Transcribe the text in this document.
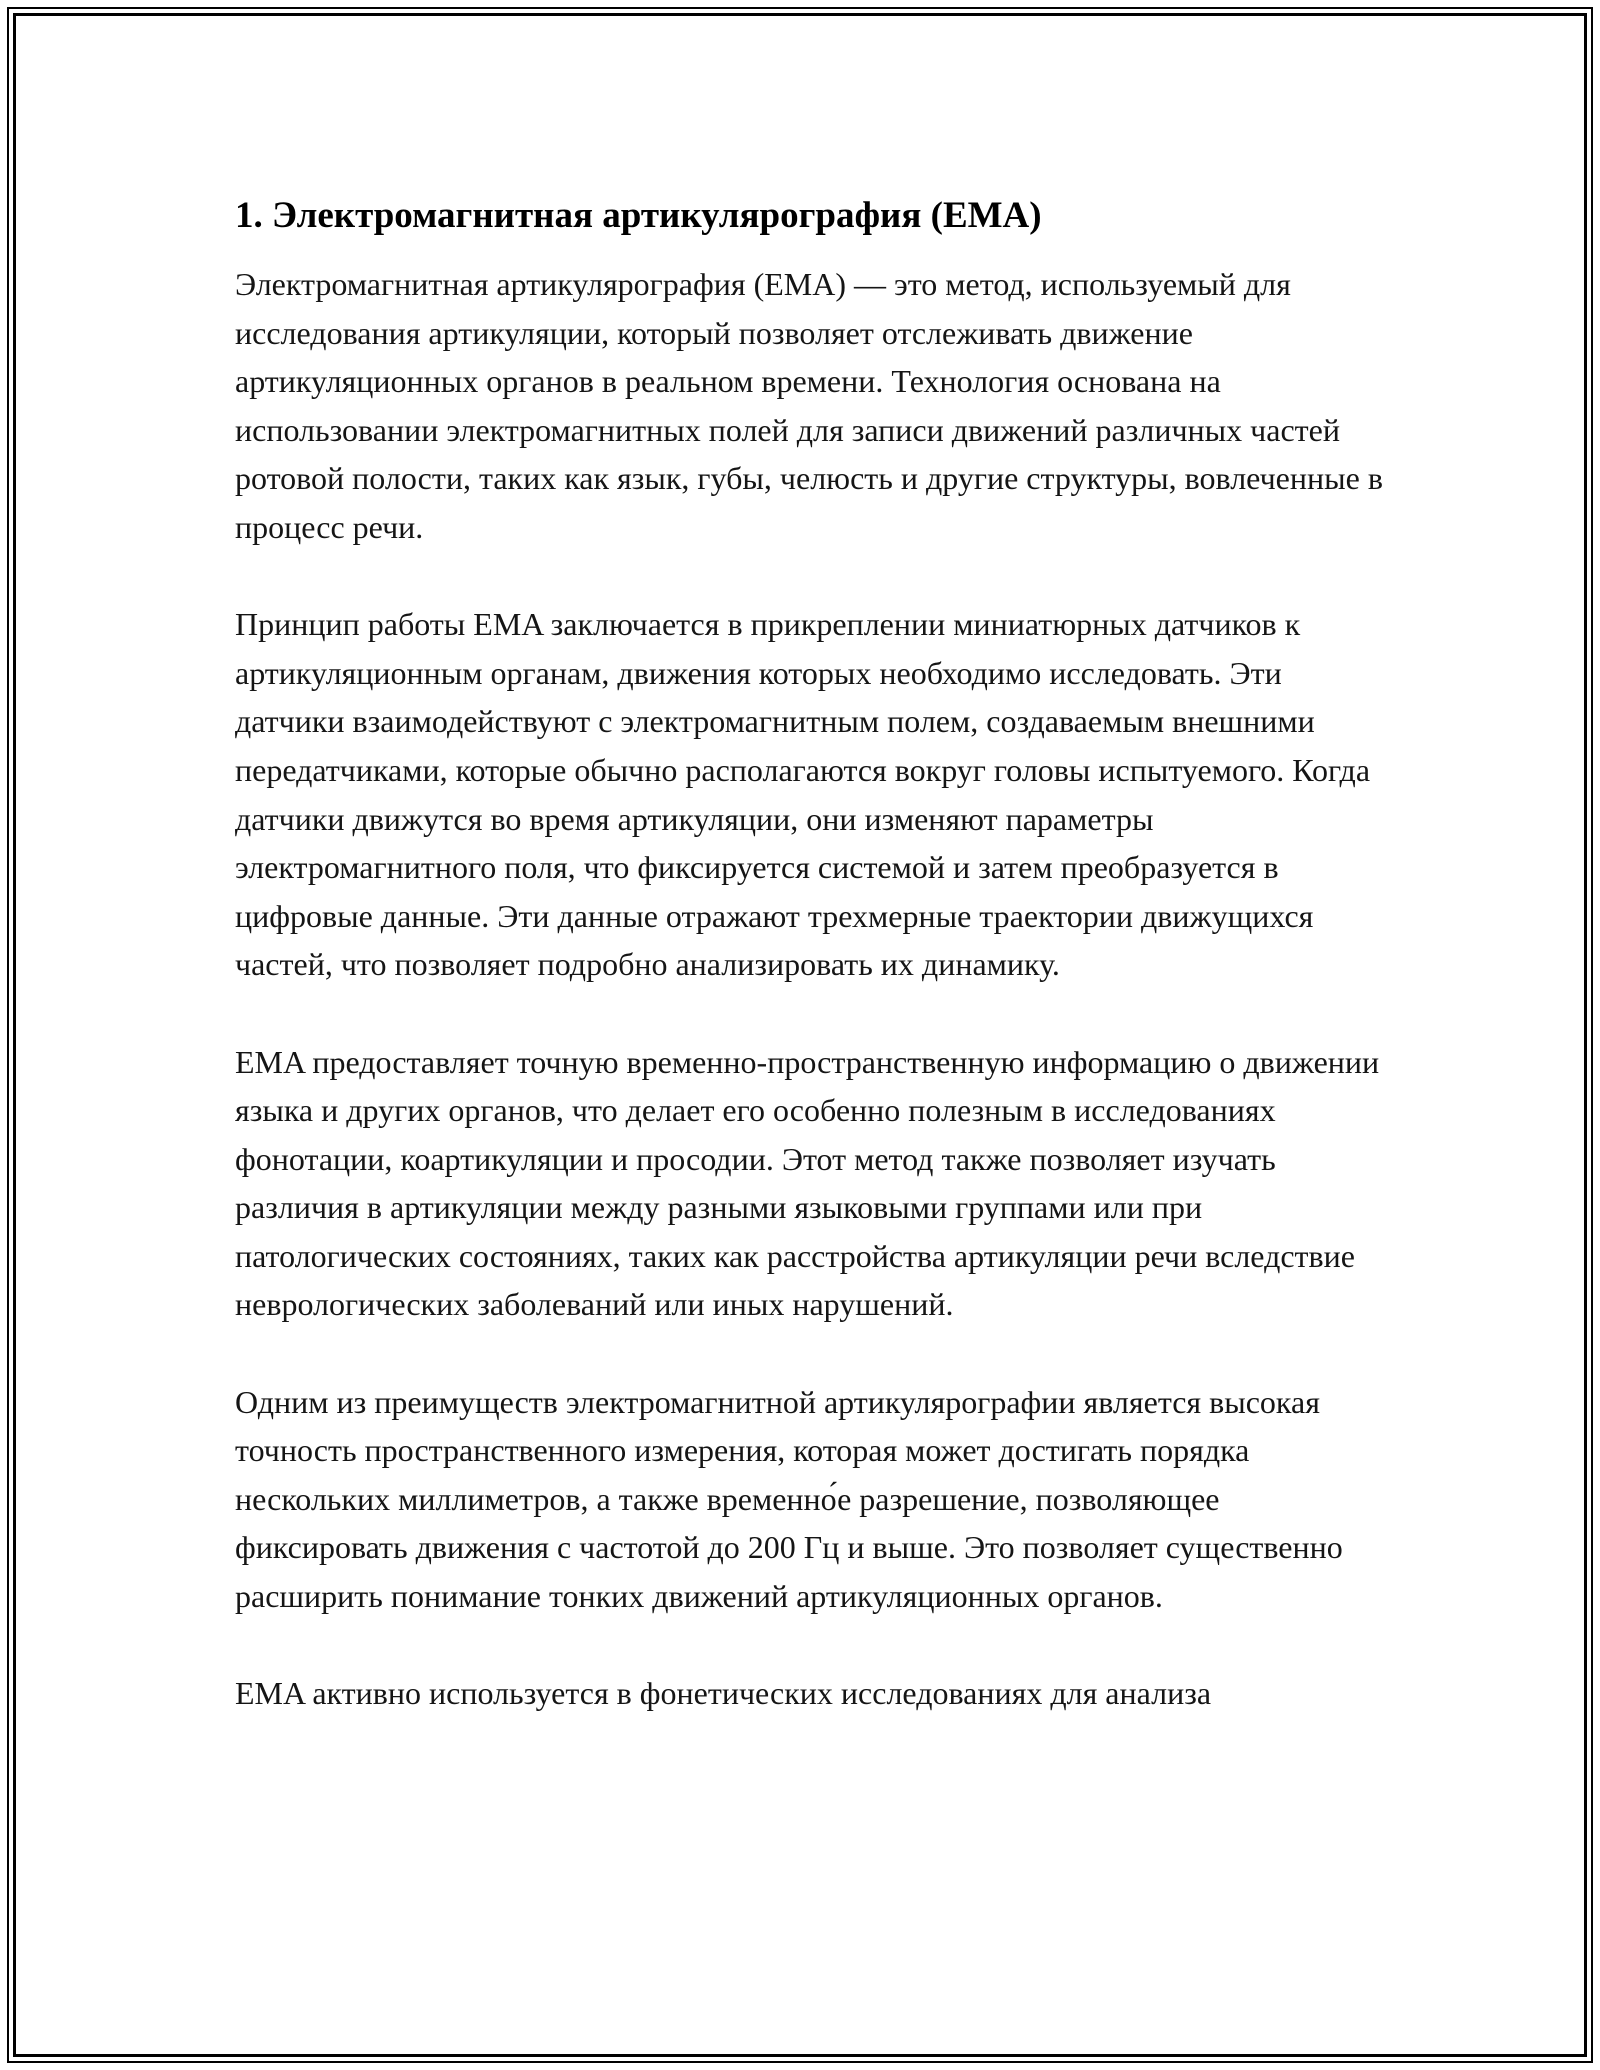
1. Электромагнитная артикулярография (EMA)

Электромагнитная артикулярография (EMA) — это метод, используемый для исследования артикуляции, который позволяет отслеживать движение артикуляционных органов в реальном времени. Технология основана на использовании электромагнитных полей для записи движений различных частей ротовой полости, таких как язык, губы, челюсть и другие структуры, вовлеченные в процесс речи.

Принцип работы EMA заключается в прикреплении миниатюрных датчиков к артикуляционным органам, движения которых необходимо исследовать. Эти датчики взаимодействуют с электромагнитным полем, создаваемым внешними передатчиками, которые обычно располагаются вокруг головы испытуемого. Когда датчики движутся во время артикуляции, они изменяют параметры электромагнитного поля, что фиксируется системой и затем преобразуется в цифровые данные. Эти данные отражают трехмерные траектории движущихся частей, что позволяет подробно анализировать их динамику.

EMA предоставляет точную временно-пространственную информацию о движении языка и других органов, что делает его особенно полезным в исследованиях фонотации, коартикуляции и просодии. Этот метод также позволяет изучать различия в артикуляции между разными языковыми группами или при патологических состояниях, таких как расстройства артикуляции речи вследствие неврологических заболеваний или иных нарушений.

Одним из преимуществ электромагнитной артикулярографии является высокая точность пространственного измерения, которая может достигать порядка нескольких миллиметров, а также временно́е разрешение, позволяющее фиксировать движения с частотой до 200 Гц и выше. Это позволяет существенно расширить понимание тонких движений артикуляционных органов.

EMA активно используется в фонетических исследованиях для анализа
